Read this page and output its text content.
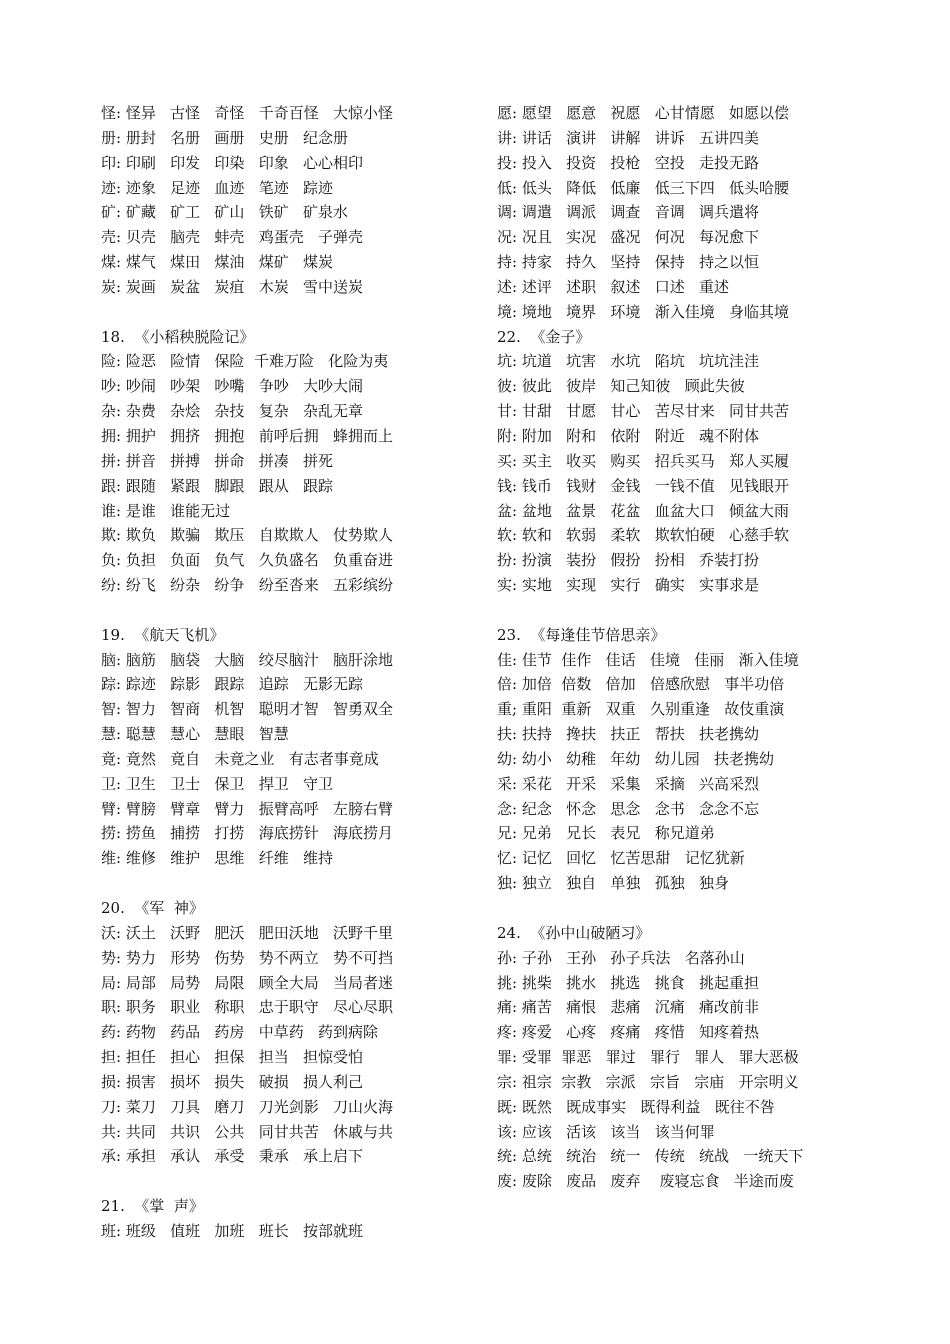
怪: 怪异   古怪   奇怪   千奇百怪   大惊小怪
册: 册封   名册   画册   史册   纪念册
印: 印刷   印发   印染   印象   心心相印
迹: 迹象   足迹   血迹   笔迹   踪迹
矿: 矿藏   矿工   矿山   铁矿   矿泉水
壳: 贝壳   脑壳   蚌壳   鸡蛋壳   子弹壳
煤: 煤气   煤田   煤油   煤矿   煤炭
炭: 炭画   炭盆   炭疽   木炭   雪中送炭
18.  《小稻秧脱险记》
险: 险恶   险情   保险  千难万险   化险为夷
吵: 吵闹   吵架   吵嘴   争吵   大吵大闹
杂: 杂费   杂烩   杂技   复杂   杂乱无章
拥: 拥护   拥挤   拥抱   前呼后拥   蜂拥而上
拼: 拼音   拼搏   拼命   拼凑   拼死
跟: 跟随   紧跟   脚跟   跟从   跟踪
谁: 是谁   谁能无过
欺: 欺负   欺骗   欺压   自欺欺人   仗势欺人
负: 负担   负面   负气   久负盛名   负重奋进
纷: 纷飞   纷杂   纷争   纷至沓来   五彩缤纷
19.  《航天飞机》
脑: 脑筋   脑袋   大脑   绞尽脑汁   脑肝涂地
踪: 踪迹   踪影   跟踪   追踪   无影无踪
智: 智力   智商   机智   聪明才智   智勇双全
慧: 聪慧   慧心   慧眼   智慧
竟: 竟然   竟自   未竟之业   有志者事竟成
卫: 卫生   卫士   保卫   捍卫   守卫
臂: 臂膀   臂章   臂力   振臂高呼   左膀右臂
捞: 捞鱼   捕捞   打捞   海底捞针   海底捞月
维: 维修   维护   思维   纤维   维持
20.  《军  神》
沃: 沃土   沃野   肥沃   肥田沃地   沃野千里
势: 势力   形势   伤势   势不两立   势不可挡
局: 局部   局势   局限   顾全大局   当局者迷
职: 职务   职业   称职   忠于职守   尽心尽职
药: 药物   药品   药房   中草药   药到病除
担: 担任   担心   担保   担当   担惊受怕
损: 损害   损坏   损失   破损   损人利己
刀: 菜刀   刀具   磨刀   刀光剑影   刀山火海
共: 共同   共识   公共   同甘共苦   休戚与共
承: 承担   承认   承受   秉承   承上启下
21.  《掌  声》
班: 班级   值班   加班   班长   按部就班
愿: 愿望   愿意   祝愿   心甘情愿   如愿以偿
讲: 讲话   演讲   讲解   讲诉   五讲四美
投: 投入   投资   投枪   空投   走投无路
低: 低头   降低   低廉   低三下四   低头哈腰
调: 调遣   调派   调查   音调   调兵遣将
况: 况且   实况   盛况   何况   每况愈下
持: 持家   持久   坚持   保持   持之以恒
述: 述评   述职   叙述   口述   重述
境: 境地   境界   环境   渐入佳境   身临其境
22.  《金子》
坑: 坑道   坑害   水坑   陷坑   坑坑洼洼
彼: 彼此   彼岸   知己知彼   顾此失彼
甘: 甘甜   甘愿   甘心   苦尽甘来   同甘共苦
附: 附加   附和   依附   附近   魂不附体
买: 买主   收买   购买   招兵买马   郑人买履
钱: 钱币   钱财   金钱   一钱不值   见钱眼开
盆: 盆地   盆景   花盆   血盆大口   倾盆大雨
软: 软和   软弱   柔软   欺软怕硬   心慈手软
扮: 扮演   装扮   假扮   扮相   乔装打扮
实: 实地   实现   实行   确实   实事求是
23.  《每逢佳节倍思亲》
佳: 佳节  佳作   佳话   佳境   佳丽   渐入佳境
倍: 加倍  倍数   倍加   倍感欣慰   事半功倍
重; 重阳  重新   双重   久别重逢   故伎重演
扶: 扶持   搀扶   扶正   帮扶   扶老携幼
幼: 幼小   幼稚   年幼   幼儿园   扶老携幼
采: 采花   开采   采集   采摘   兴高采烈
念: 纪念   怀念   思念   念书   念念不忘
兄: 兄弟   兄长   表兄   称兄道弟
忆: 记忆   回忆   忆苦思甜   记忆犹新
独: 独立   独自   单独   孤独   独身
24.  《孙中山破陋习》
孙: 子孙   王孙   孙子兵法   名落孙山
挑: 挑柴   挑水   挑选   挑食   挑起重担
痛: 痛苦   痛恨   悲痛   沉痛   痛改前非
疼: 疼爱   心疼   疼痛   疼惜   知疼着热
罪: 受罪  罪恶   罪过   罪行   罪人   罪大恶极
宗: 祖宗  宗教   宗派   宗旨   宗庙   开宗明义
既: 既然   既成事实   既得利益   既往不咎
该: 应该   活该   该当   该当何罪
统: 总统   统治   统一   传统   统战   一统天下
废: 废除   废品   废弃    废寝忘食   半途而废
